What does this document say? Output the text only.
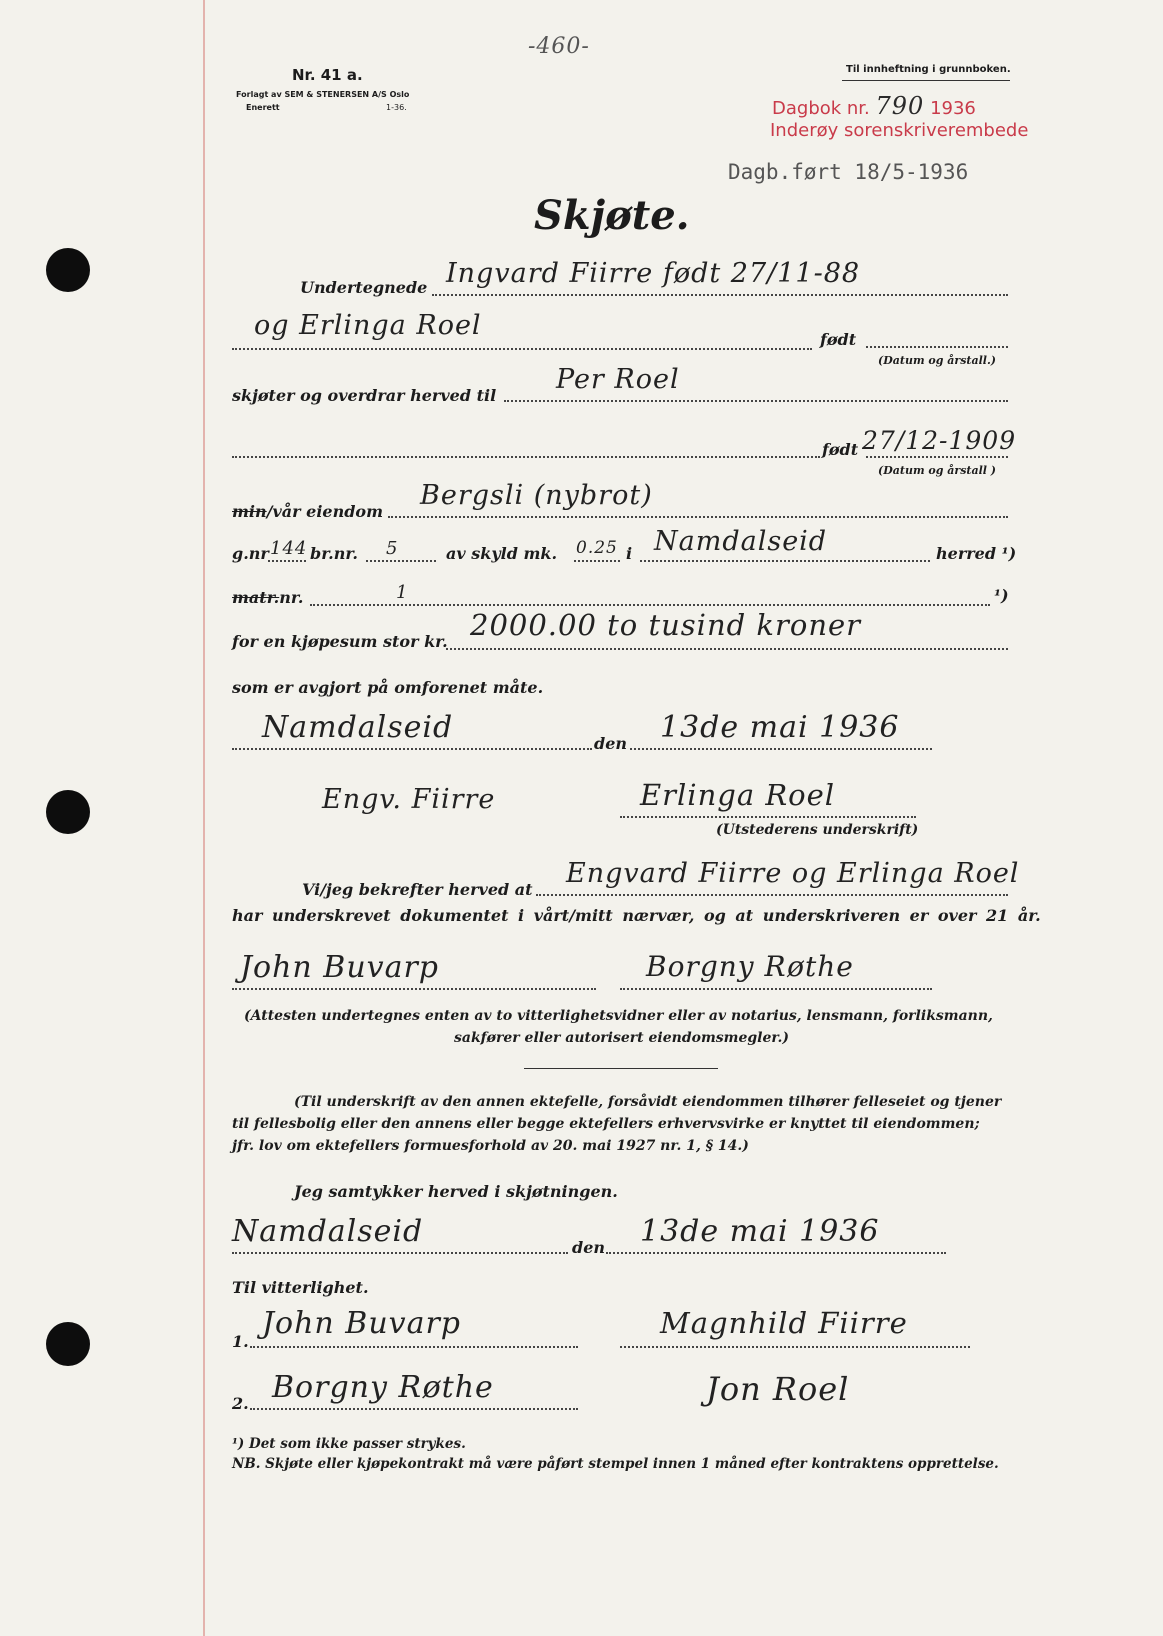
-460-
Nr. 41 a.
Forlagt av SEM & STENERSEN A/S Oslo
Enerett	1-36.
Til innheftning i grunnboken.
Dagbok nr. 790 1936
Inderøy sorenskriverembede
Dagb.ført 18/5-1936
Skjøte.
Undertegnede Ingvard Fiirre født 27/11-88
og Erlinga Roel	født
(Datum og årstall.)
skjøter og overdrar herved til
Per Roel
født 27/12-1909
(Datum og årstall )
min/vår eiendom
Bergsli (nybrot)
g.nr 144 br.nr. 5	av skyld mk. 0.25 i Namdalseid	herred ¹)
matr.nr.	1	¹)
for en kjøpesum stor kr. 2000.00 to tusind kroner
som er avgjort på omforenet måte.
Namdalseid	den 13de mai 1936
Engv. Fiirre	Erlinga Roel
(Utstederens underskrift)
Vi/jeg bekrefter herved at
Engvard Fiirre og Erlinga Roel
har underskrevet dokumentet i vårt/mitt nærvær, og at underskriveren er over 21 år.
John Buvarp	Borgny Røthe
(Attesten undertegnes enten av to vitterlighetsvidner eller av notarius, lensmann, forliksmann,
sakfører eller autorisert eiendomsmegler.)
(Til underskrift av den annen ektefelle, forsåvidt eiendommen tilhører felleseiet og tjener
til fellesbolig eller den annens eller begge ektefellers erhvervsvirke er knyttet til eiendommen;
jfr. lov om ektefellers formuesforhold av 20. mai 1927 nr. 1, § 14.)
Jeg samtykker herved i skjøtningen.
Namdalseid	den 13de mai 1936
Til vitterlighet.
1.
John Buvarp	Magnhild Fiirre
2. Borgny Røthe	Jon Roel
¹) Det som ikke passer strykes.
NB. Skjøte eller kjøpekontrakt må være påført stempel innen 1 måned efter kontraktens opprettelse.
